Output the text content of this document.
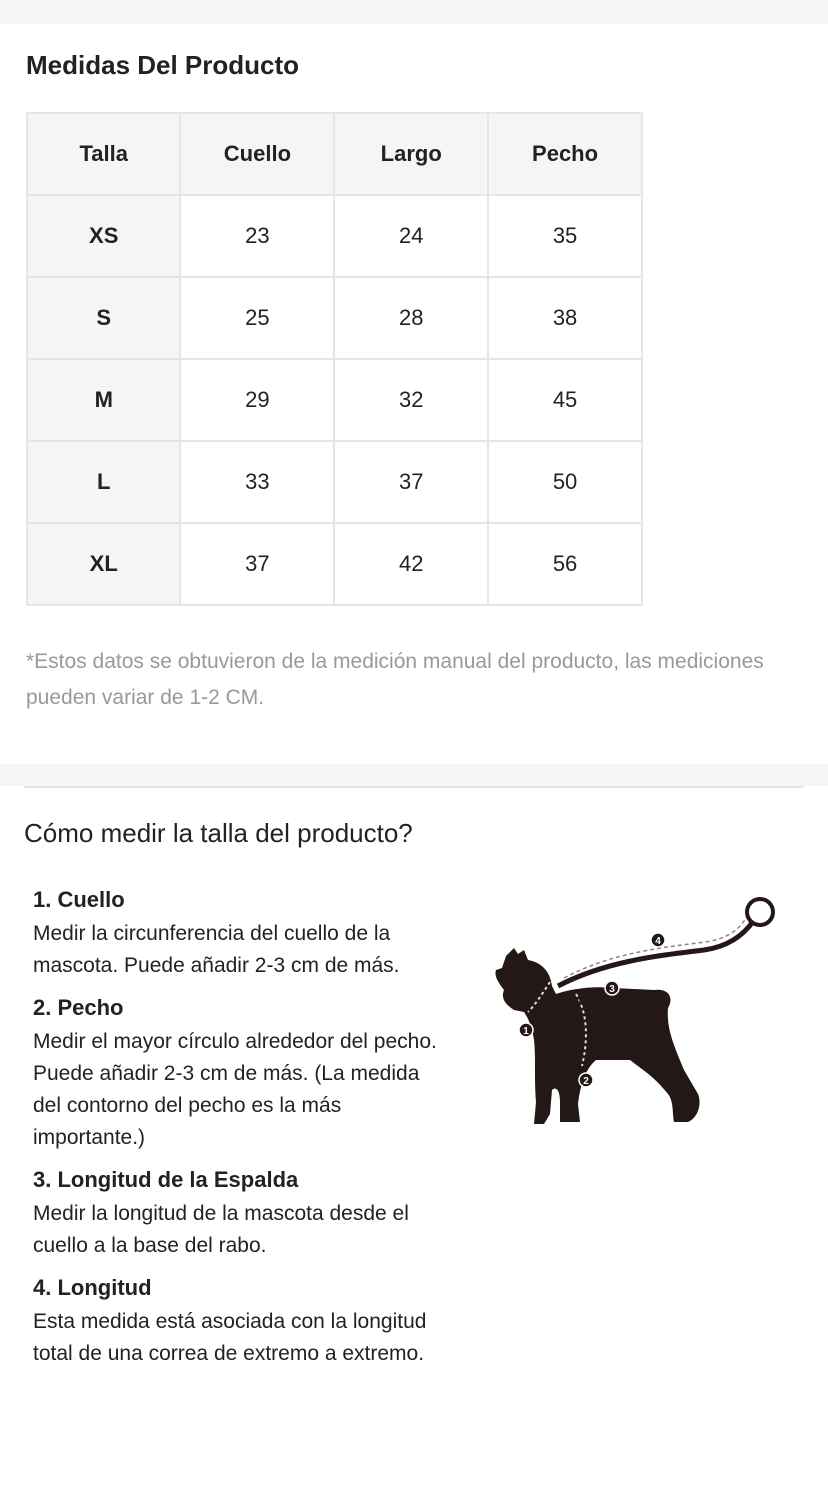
Medidas Del Producto
Talla	Cuello	Largo	Pecho
XS	23	24	35
S	25	28	38
M	29	32	45
L	33	37	50
XL	37	42	56

*Estos datos se obtuvieron de la medición manual del producto, las mediciones pueden variar de 1-2 CM.

Cómo medir la talla del producto?

1. Cuello

Medir la circunferencia del cuello de la mascota. Puede añadir 2-3 cm de más.

2. Pecho

Medir el mayor círculo alrededor del pecho. Puede añadir 2-3 cm de más. (La medida del contorno del pecho es la más importante.)

3. Longitud de la Espalda

Medir la longitud de la mascota desde el cuello a la base del rabo.

4. Longitud

Esta medida está asociada con la longitud total de una correa de extremo a extremo.

1
2
3
4
